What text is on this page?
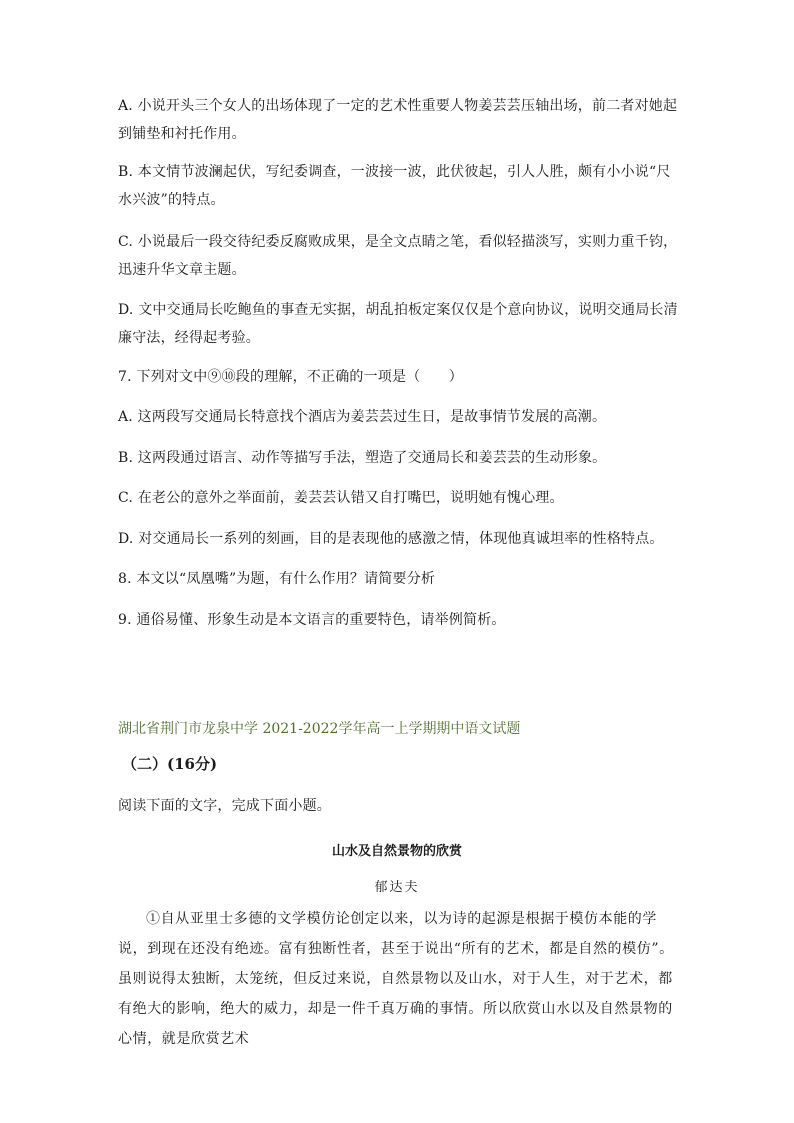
A. 小说开头三个女人的出场体现了一定的艺术性重要人物姜芸芸压轴出场，前二者对她起到铺垫和衬托作用。
B. 本文情节波澜起伏，写纪委调查，一波接一波，此伏彼起，引人人胜，颇有小小说“尺水兴波”的特点。
C. 小说最后一段交待纪委反腐败成果，是全文点睛之笔，看似轻描淡写，实则力重千钧，迅速升华文章主题。
D. 文中交通局长吃鲍鱼的事查无实据，胡乱拍板定案仅仅是个意向协议，说明交通局长清廉守法，经得起考验。
7. 下列对文中⑨⑩段的理解，不正确的一项是（　　）
A. 这两段写交通局长特意找个酒店为姜芸芸过生日，是故事情节发展的高潮。
B. 这两段通过语言、动作等描写手法，塑造了交通局长和姜芸芸的生动形象。
C. 在老公的意外之举面前，姜芸芸认错又自打嘴巴，说明她有愧心理。
D. 对交通局长一系列的刻画，目的是表现他的感激之情，体现他真诚坦率的性格特点。
8. 本文以“凤凰嘴”为题，有什么作用？请简要分析
9. 通俗易懂、形象生动是本文语言的重要特色，请举例简析。
湖北省荆门市龙泉中学 2021-2022学年高一上学期期中语文试题
（二）(16分)
阅读下面的文字，完成下面小题。
山水及自然景物的欣赏
郁达夫
①自从亚里士多德的文学模仿论创定以来，以为诗的起源是根据于模仿本能的学说，到现在还没有绝迹。富有独断性者，甚至于说出“所有的艺术，都是自然的模仿”。虽则说得太独断，太笼统，但反过来说，自然景物以及山水，对于人生，对于艺术，都有绝大的影响，绝大的威力，却是一件千真万确的事情。所以欣赏山水以及自然景物的心情，就是欣赏艺术
